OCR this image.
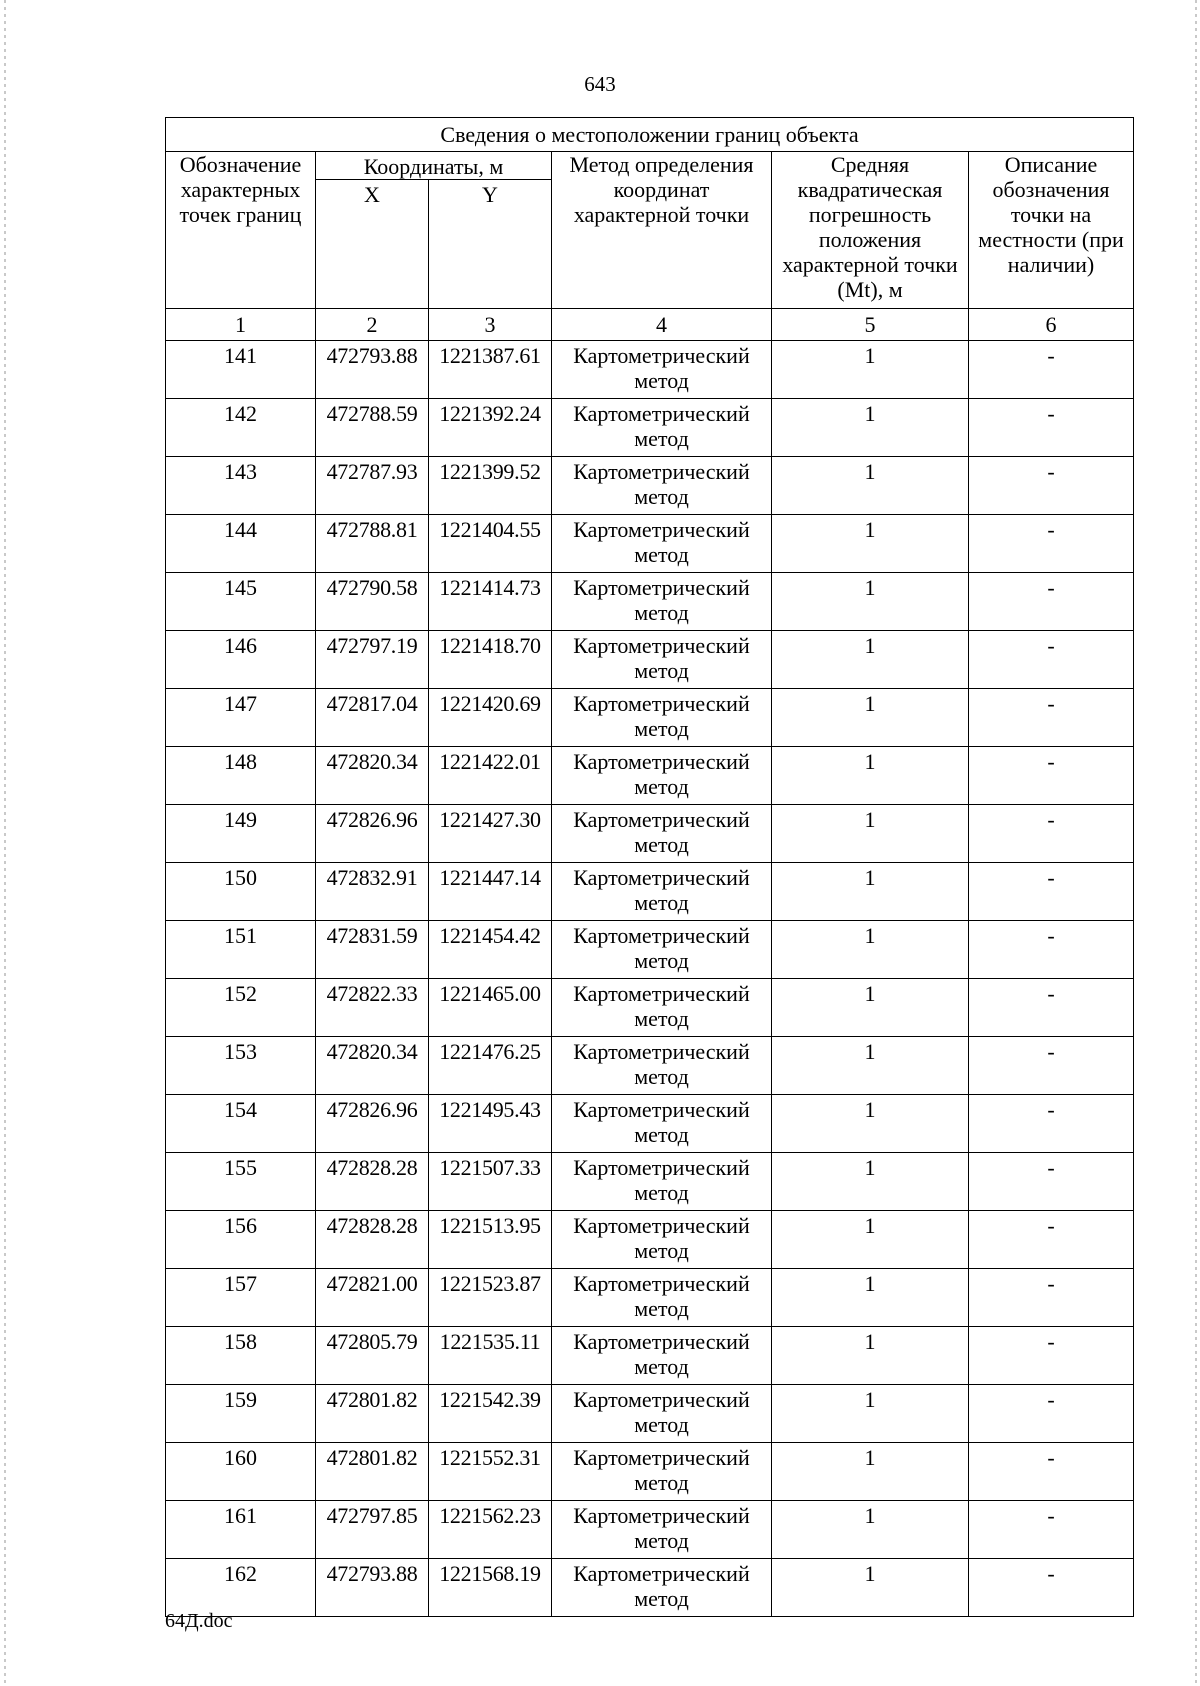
643
Сведения о местоположении границ объекта					
Обозначение характерных точек границ	Координаты, м		Метод определения координат характерной точки	Средняя квадратическая погрешность положения характерной точки (Mt), м	Описание обозначения точки на местности (при наличии)
	X	Y			
1	2	3	4	5	6
141	472793.88	1221387.61	Картометрический метод	1	-
142	472788.59	1221392.24	Картометрический метод	1	-
143	472787.93	1221399.52	Картометрический метод	1	-
144	472788.81	1221404.55	Картометрический метод	1	-
145	472790.58	1221414.73	Картометрический метод	1	-
146	472797.19	1221418.70	Картометрический метод	1	-
147	472817.04	1221420.69	Картометрический метод	1	-
148	472820.34	1221422.01	Картометрический метод	1	-
149	472826.96	1221427.30	Картометрический метод	1	-
150	472832.91	1221447.14	Картометрический метод	1	-
151	472831.59	1221454.42	Картометрический метод	1	-
152	472822.33	1221465.00	Картометрический метод	1	-
153	472820.34	1221476.25	Картометрический метод	1	-
154	472826.96	1221495.43	Картометрический метод	1	-
155	472828.28	1221507.33	Картометрический метод	1	-
156	472828.28	1221513.95	Картометрический метод	1	-
157	472821.00	1221523.87	Картометрический метод	1	-
158	472805.79	1221535.11	Картометрический метод	1	-
159	472801.82	1221542.39	Картометрический метод	1	-
160	472801.82	1221552.31	Картометрический метод	1	-
161	472797.85	1221562.23	Картометрический метод	1	-
162	472793.88	1221568.19	Картометрический метод	1	-
64Д.doc
